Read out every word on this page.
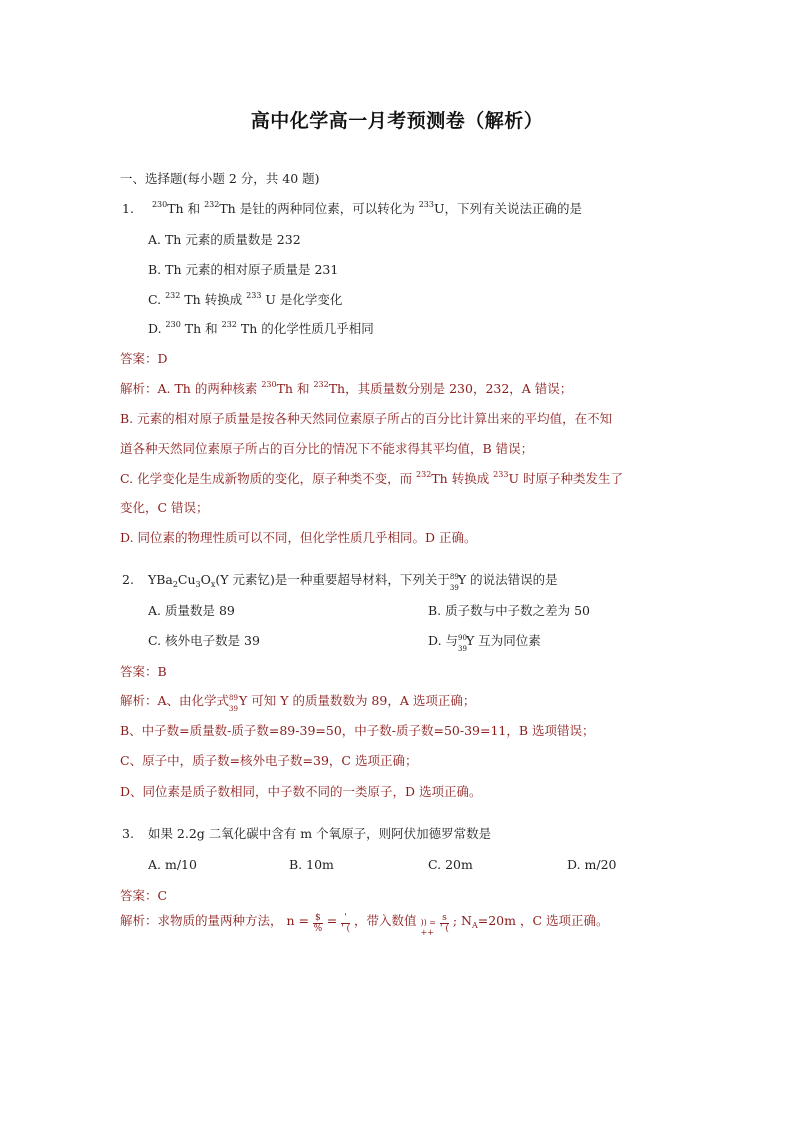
高中化学高一月考预测卷（解析）
一、选择题(每小题 2 分，共 40 题)
1. $^{230}$Th 和 $^{232}$Th 是钍的两种同位素，可以转化为 $^{233}$U，下列有关说法正确的是
A. Th 元素的质量数是 232
B. Th 元素的相对原子质量是 231
C. $^{232}$ Th 转换成 $^{233}$ U 是化学变化
D. $^{230}$ Th 和 $^{232}$ Th 的化学性质几乎相同
答案：D
解析：A. Th 的两种核素 $^{230}$Th 和 $^{232}$Th，其质量数分别是 230，232，A 错误；
B. 元素的相对原子质量是按各种天然同位素原子所占的百分比计算出来的平均值，在不知
道各种天然同位素原子所占的百分比的情况下不能求得其平均值，B 错误；
C. 化学变化是生成新物质的变化，原子种类不变，而 $^{232}$Th 转换成 $^{233}$U 时原子种类发生了
变化，C 错误；
D. 同位素的物理性质可以不同，但化学性质几乎相同。D 正确。
2. $YBa_2Cu_3O_x(Y$ 元素钇)是一种重要超导材料，下列关于 89
39
Y 的说法错误的是
A. 质量数是 89	B. 质子数与中子数之差为 50
C. 核外电子数是 39	D. 与 90
39
Y 互为同位素
答案：B
解析：A、由化学式 89
39
Y 可知 Y 的质量数数为 89，A 选项正确；
B、中子数=质量数-质子数=89-39=50，中子数-质子数=50-39=11，B 选项错误；
C、原子中，质子数=核外电子数=39，C 选项正确；
D、同位素是质子数相同，中子数不同的一类原子，D 选项正确。
3. 如果 2.2g 二氧化碳中含有 m 个氧原子，则阿伏加德罗常数是
A. m/10	B. 10m	C. 20m	D. m/20
答案：C
解析：求物质的量两种方法， $n = \frac{\$}{\%} = \frac{'}{' (}$ ，带入数值 )) =
++ $\frac{s}{' (}$ ; $N_A=20m$ ，C 选项正确。
